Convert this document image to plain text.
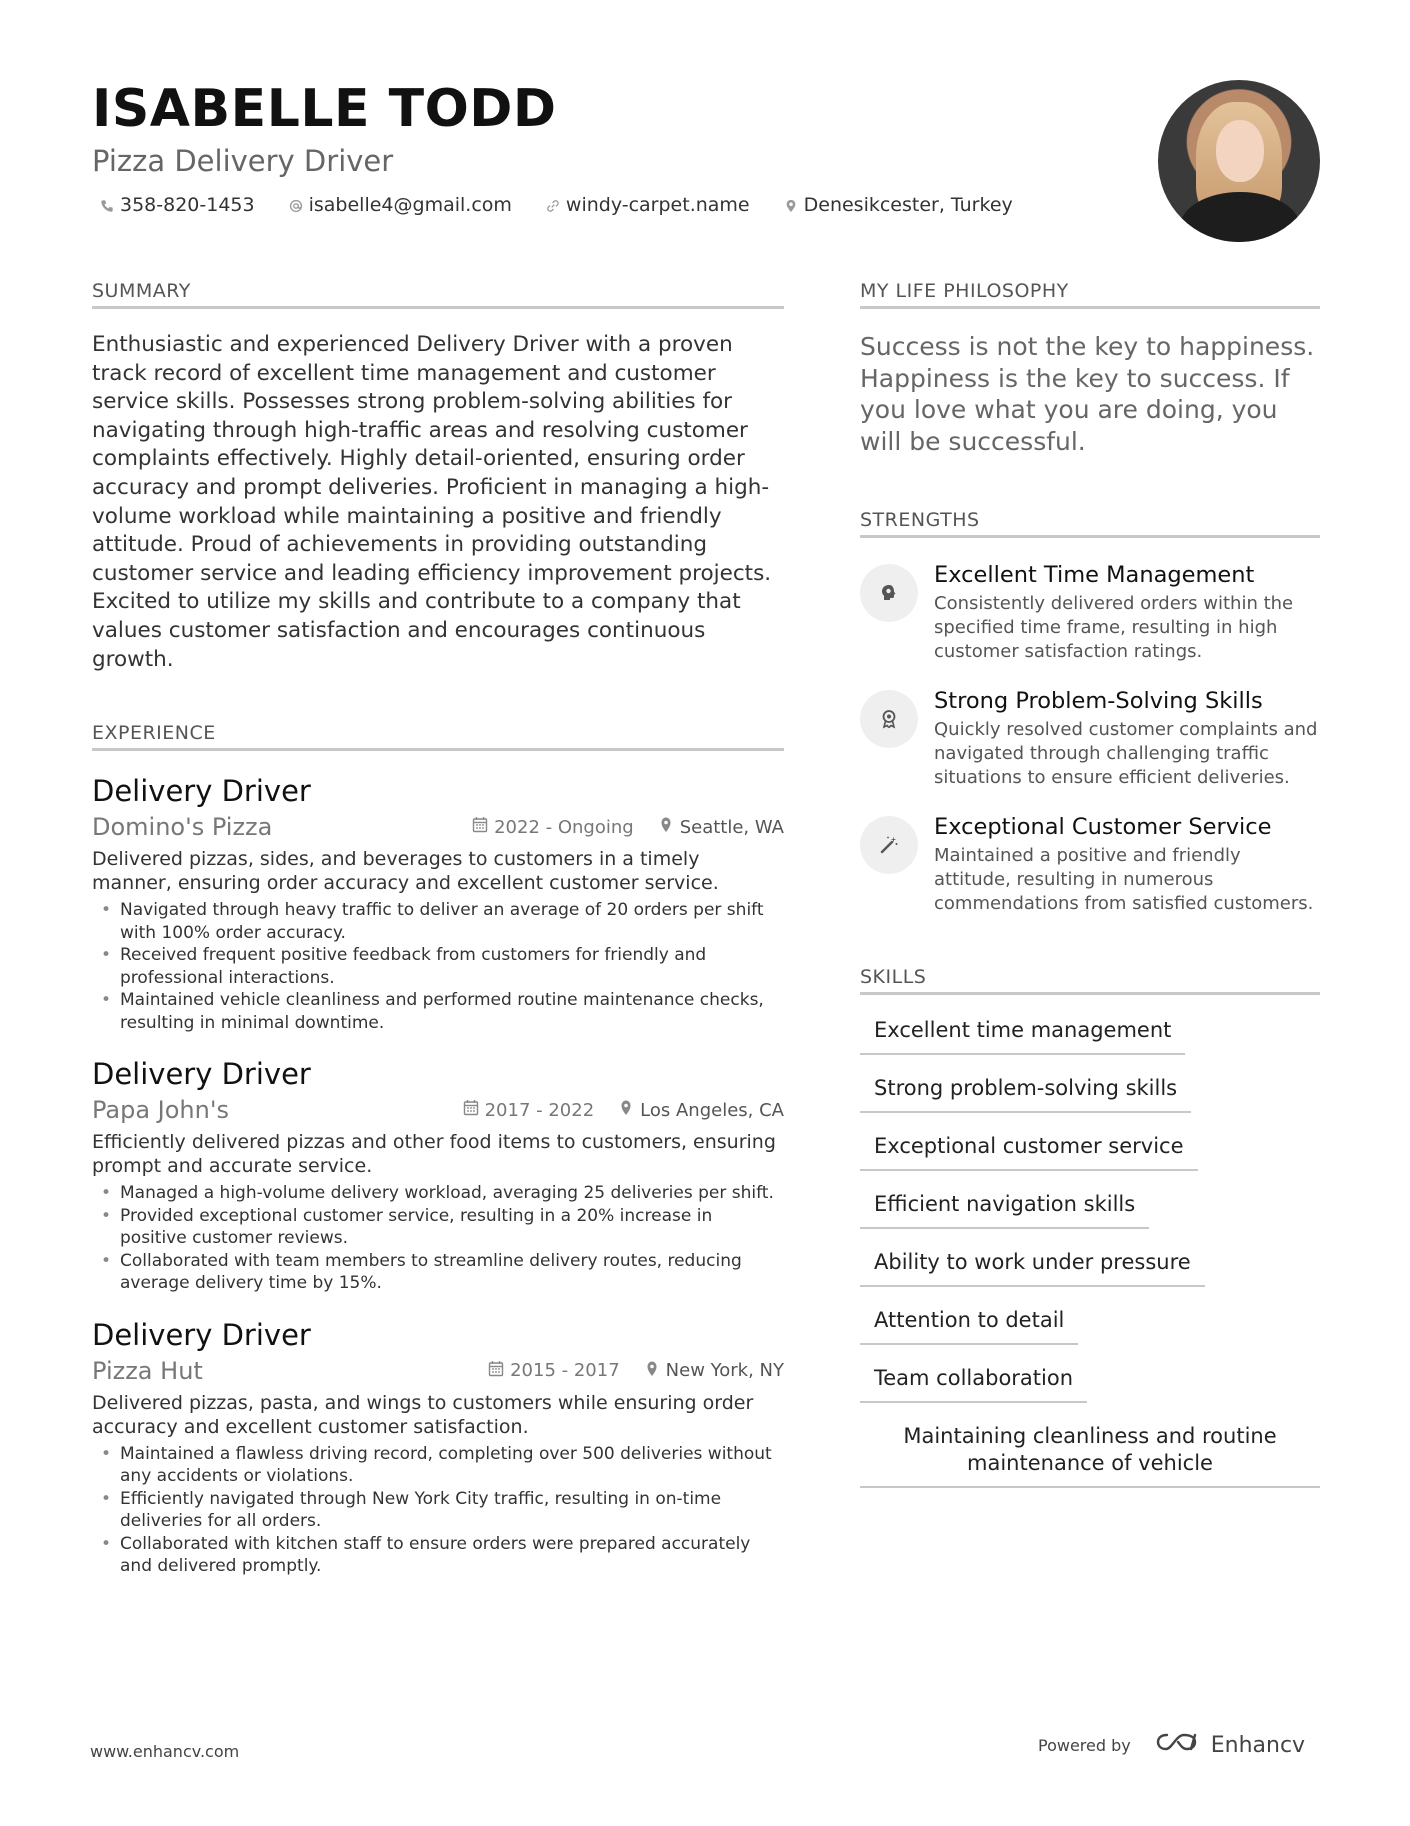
ISABELLE TODD
Pizza Delivery Driver
358-820-1453	isabelle4@gmail.com	windy-carpet.name	Denesikcester, Turkey
SUMMARY

Enthusiastic and experienced Delivery Driver with a proven track record of excellent time management and customer service skills. Possesses strong problem-solving abilities for navigating through high-traffic areas and resolving customer complaints effectively. Highly detail-oriented, ensuring order accuracy and prompt deliveries. Proficient in managing a high-volume workload while maintaining a positive and friendly attitude. Proud of achievements in providing outstanding customer service and leading efficiency improvement projects. Excited to utilize my skills and contribute to a company that values customer satisfaction and encourages continuous growth.

EXPERIENCE
Delivery Driver
Domino's Pizza	2022 - Ongoing	Seattle, WA

Delivered pizzas, sides, and beverages to customers in a timely manner, ensuring order accuracy and excellent customer service.

• Navigated through heavy traffic to deliver an average of 20 orders per shift with 100% order accuracy.
• Received frequent positive feedback from customers for friendly and professional interactions.
• Maintained vehicle cleanliness and performed routine maintenance checks, resulting in minimal downtime.
Delivery Driver
Papa John's	2017 - 2022	Los Angeles, CA

Efficiently delivered pizzas and other food items to customers, ensuring prompt and accurate service.

• Managed a high-volume delivery workload, averaging 25 deliveries per shift.
• Provided exceptional customer service, resulting in a 20% increase in positive customer reviews.
• Collaborated with team members to streamline delivery routes, reducing average delivery time by 15%.
Delivery Driver
Pizza Hut	2015 - 2017	New York, NY

Delivered pizzas, pasta, and wings to customers while ensuring order accuracy and excellent customer satisfaction.

• Maintained a flawless driving record, completing over 500 deliveries without any accidents or violations.
• Efficiently navigated through New York City traffic, resulting in on-time deliveries for all orders.
• Collaborated with kitchen staff to ensure orders were prepared accurately and delivered promptly.
MY LIFE PHILOSOPHY

Success is not the key to happiness. Happiness is the key to success. If you love what you are doing, you will be successful.

STRENGTHS
Excellent Time Management
Consistently delivered orders within the specified time frame, resulting in high customer satisfaction ratings.
Strong Problem-Solving Skills
Quickly resolved customer complaints and navigated through challenging traffic situations to ensure efficient deliveries.
Exceptional Customer Service
Maintained a positive and friendly attitude, resulting in numerous commendations from satisfied customers.
SKILLS
Excellent time management
Strong problem-solving skills
Exceptional customer service
Efficient navigation skills
Ability to work under pressure
Attention to detail
Team collaboration
Maintaining cleanliness and routine maintenance of vehicle
www.enhancv.com	Powered by	Enhancv
